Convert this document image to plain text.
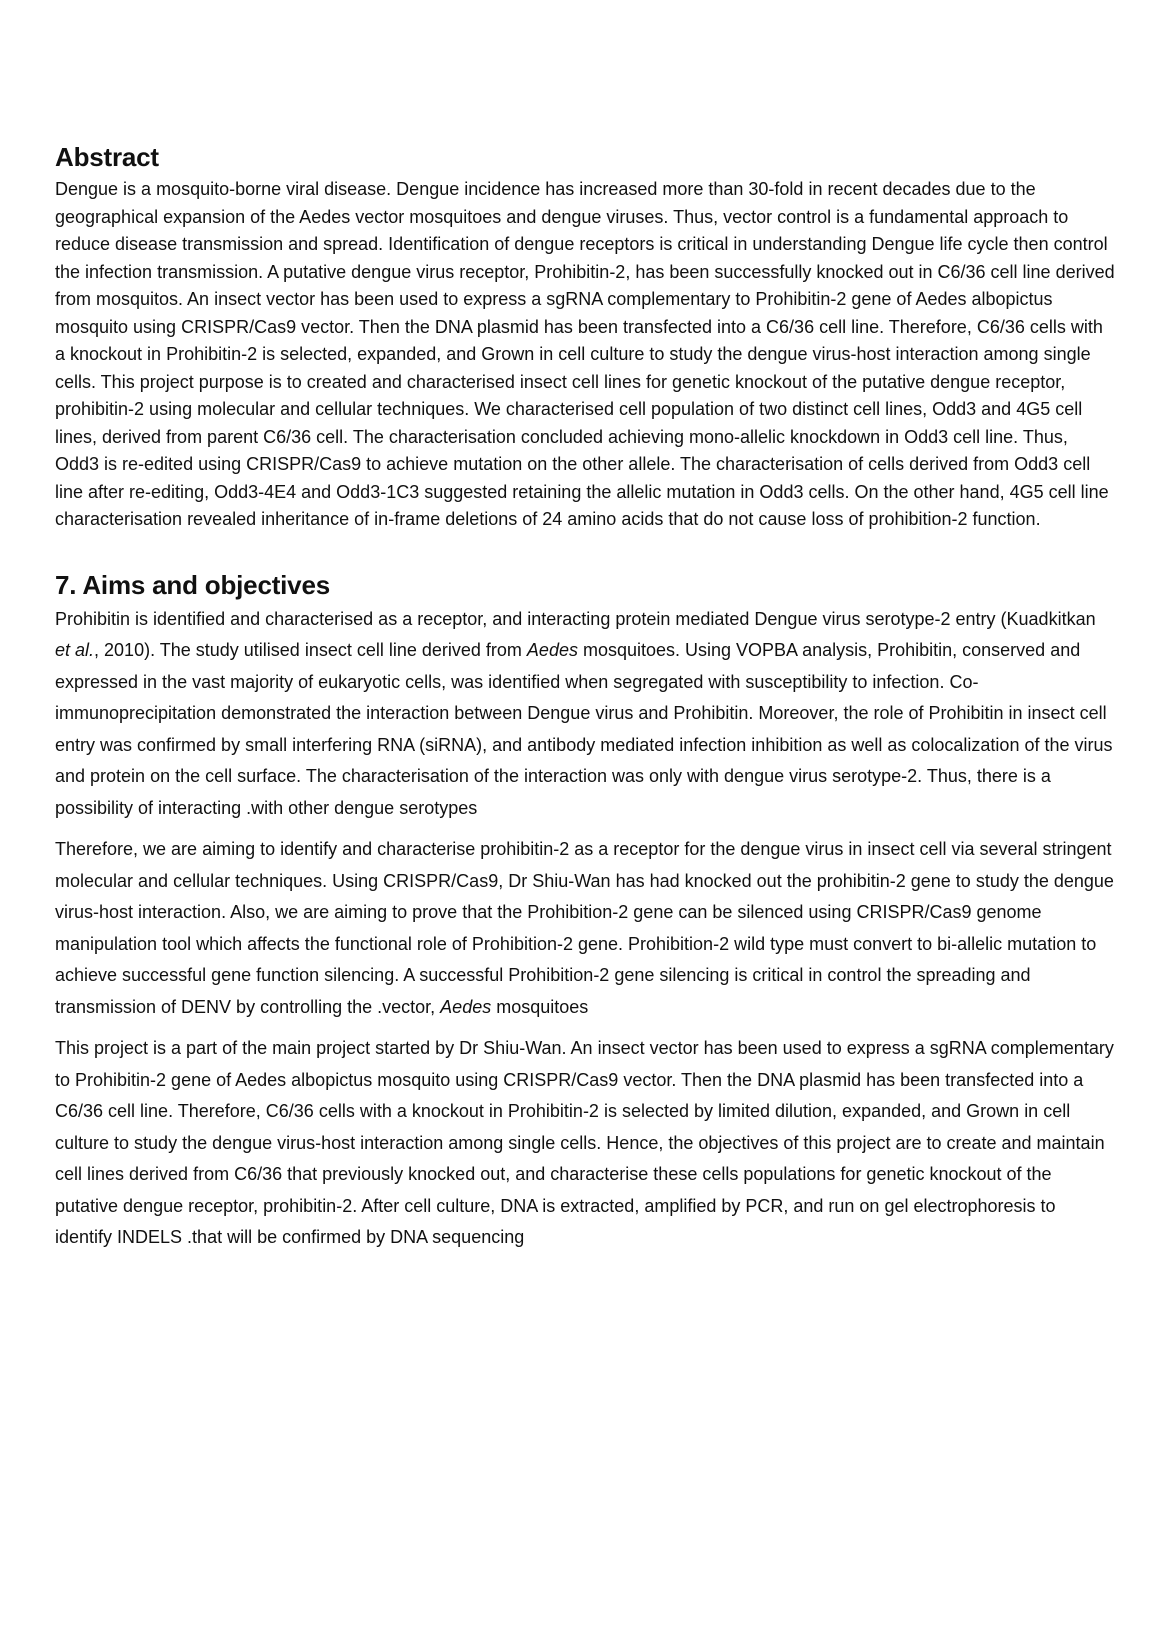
Abstract

Dengue is a mosquito-borne viral disease. Dengue incidence has increased more than 30-fold in recent decades due to the geographical expansion of the Aedes vector mosquitoes and dengue viruses. Thus, vector control is a fundamental approach to reduce disease transmission and spread. Identification of dengue receptors is critical in understanding Dengue life cycle then control the infection transmission. A putative dengue virus receptor, Prohibitin-2, has been successfully knocked out in C6/36 cell line derived from mosquitos. An insect vector has been used to express a sgRNA complementary to Prohibitin-2 gene of Aedes albopictus mosquito using CRISPR/Cas9 vector. Then the DNA plasmid has been transfected into a C6/36 cell line. Therefore, C6/36 cells with a knockout in Prohibitin-2 is selected, expanded, and Grown in cell culture to study the dengue virus-host interaction among single cells. This project purpose is to created and characterised insect cell lines for genetic knockout of the putative dengue receptor, prohibitin-2 using molecular and cellular techniques. We characterised cell population of two distinct cell lines, Odd3 and 4G5 cell lines, derived from parent C6/36 cell. The characterisation concluded achieving mono-allelic knockdown in Odd3 cell line. Thus, Odd3 is re-edited using CRISPR/Cas9 to achieve mutation on the other allele. The characterisation of cells derived from Odd3 cell line after re-editing, Odd3-4E4 and Odd3-1C3 suggested retaining the allelic mutation in Odd3 cells. On the other hand, 4G5 cell line characterisation revealed inheritance of in-frame deletions of 24 amino acids that do not cause loss of prohibition-2 function.

7. Aims and objectives

Prohibitin is identified and characterised as a receptor, and interacting protein mediated Dengue virus serotype-2 entry (Kuadkitkan et al., 2010). The study utilised insect cell line derived from Aedes mosquitoes. Using VOPBA analysis, Prohibitin, conserved and expressed in the vast majority of eukaryotic cells, was identified when segregated with susceptibility to infection. Co-immunoprecipitation demonstrated the interaction between Dengue virus and Prohibitin. Moreover, the role of Prohibitin in insect cell entry was confirmed by small interfering RNA (siRNA), and antibody mediated infection inhibition as well as colocalization of the virus and protein on the cell surface. The characterisation of the interaction was only with dengue virus serotype-2. Thus, there is a possibility of interacting .with other dengue serotypes

Therefore, we are aiming to identify and characterise prohibitin-2 as a receptor for the dengue virus in insect cell via several stringent molecular and cellular techniques. Using CRISPR/Cas9, Dr Shiu-Wan has had knocked out the prohibitin-2 gene to study the dengue virus-host interaction. Also, we are aiming to prove that the Prohibition-2 gene can be silenced using CRISPR/Cas9 genome manipulation tool which affects the functional role of Prohibition-2 gene. Prohibition-2 wild type must convert to bi-allelic mutation to achieve successful gene function silencing. A successful Prohibition-2 gene silencing is critical in control the spreading and transmission of DENV by controlling the .vector, Aedes mosquitoes

This project is a part of the main project started by Dr Shiu-Wan. An insect vector has been used to express a sgRNA complementary to Prohibitin-2 gene of Aedes albopictus mosquito using CRISPR/Cas9 vector. Then the DNA plasmid has been transfected into a C6/36 cell line. Therefore, C6/36 cells with a knockout in Prohibitin-2 is selected by limited dilution, expanded, and Grown in cell culture to study the dengue virus-host interaction among single cells. Hence, the objectives of this project are to create and maintain cell lines derived from C6/36 that previously knocked out, and characterise these cells populations for genetic knockout of the putative dengue receptor, prohibitin-2. After cell culture, DNA is extracted, amplified by PCR, and run on gel electrophoresis to identify INDELS .that will be confirmed by DNA sequencing
